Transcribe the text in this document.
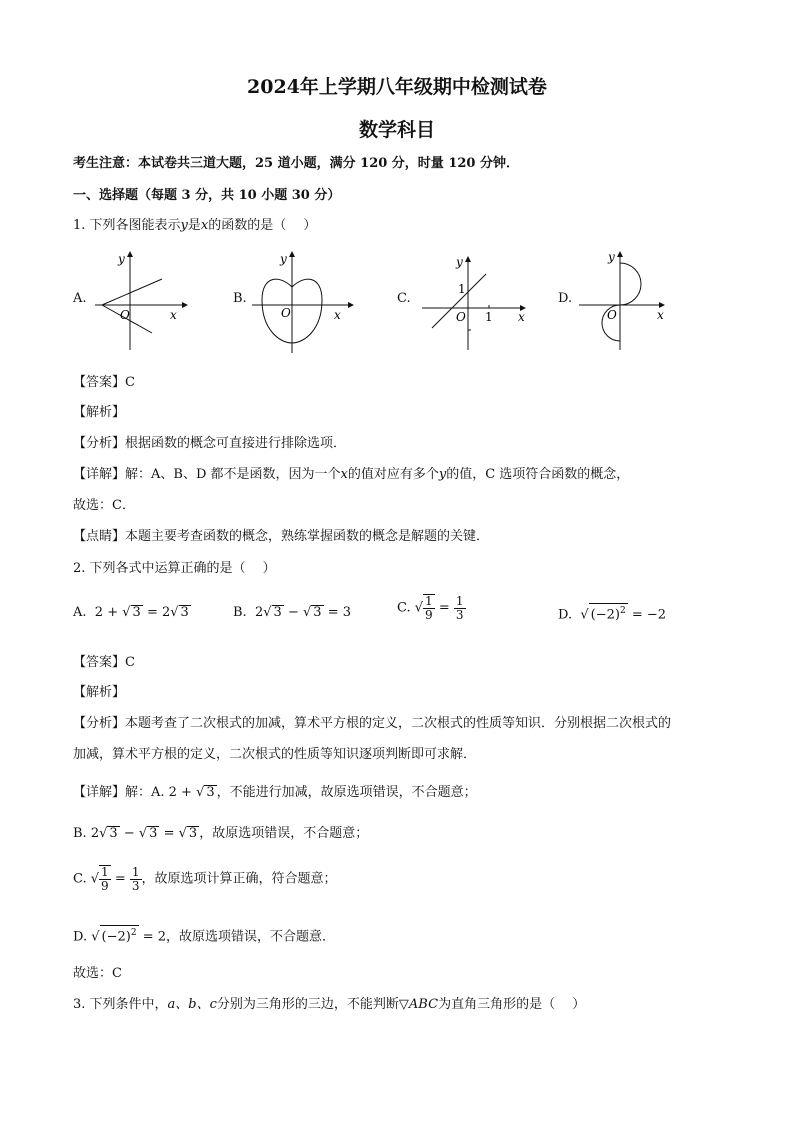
2024年上学期八年级期中检测试卷
数学科目
考生注意：本试卷共三道大题，25 道小题，满分 120 分，时量 120 分钟．
一、选择题（每题 3 分，共 10 小题 30 分）
1. 下列各图能表示y是x的函数的是（　 ）
A.	B.	C.	D.
y
O	x
y
O	x
y
1
O 1 x
y
O	x
【答案】C
【解析】
【分析】根据函数的概念可直接进行排除选项．
【详解】解：A、B、D 都不是函数，因为一个x的值对应有多个y的值，C 选项符合函数的概念，
故选：C．
【点睛】本题主要考查函数的概念，熟练掌握函数的概念是解题的关键．
2. 下列各式中运算正确的是（　 ）
A. 2 + √ 3 = 2√ 3	B. 2√ 3 − √ 3 = 3	C. √ $\frac{1}{9} = \frac{1}{3}$	D.  √ $(-2)^2 = -2$
【答案】C
【解析】
【分析】本题考查了二次根式的加减，算术平方根的定义，二次根式的性质等知识．分别根据二次根式的
加减，算术平方根的定义，二次根式的性质等知识逐项判断即可求解．
【详解】解：A. 2 + √ 3 ，不能进行加减，故原选项错误，不合题意；
B. 2√ 3 − √ 3 = √ 3 ，故原选项错误，不合题意；
C. √ $\frac{1}{9} = \frac{1}{3}$ ，故原选项计算正确，符合题意；
D. √ $(-2)^2 = 2$，故原选项错误，不合题意．
故选：C
3. 下列条件中，a、b、c分别为三角形的三边，不能判断▽ABC为直角三角形的是（　 ）
